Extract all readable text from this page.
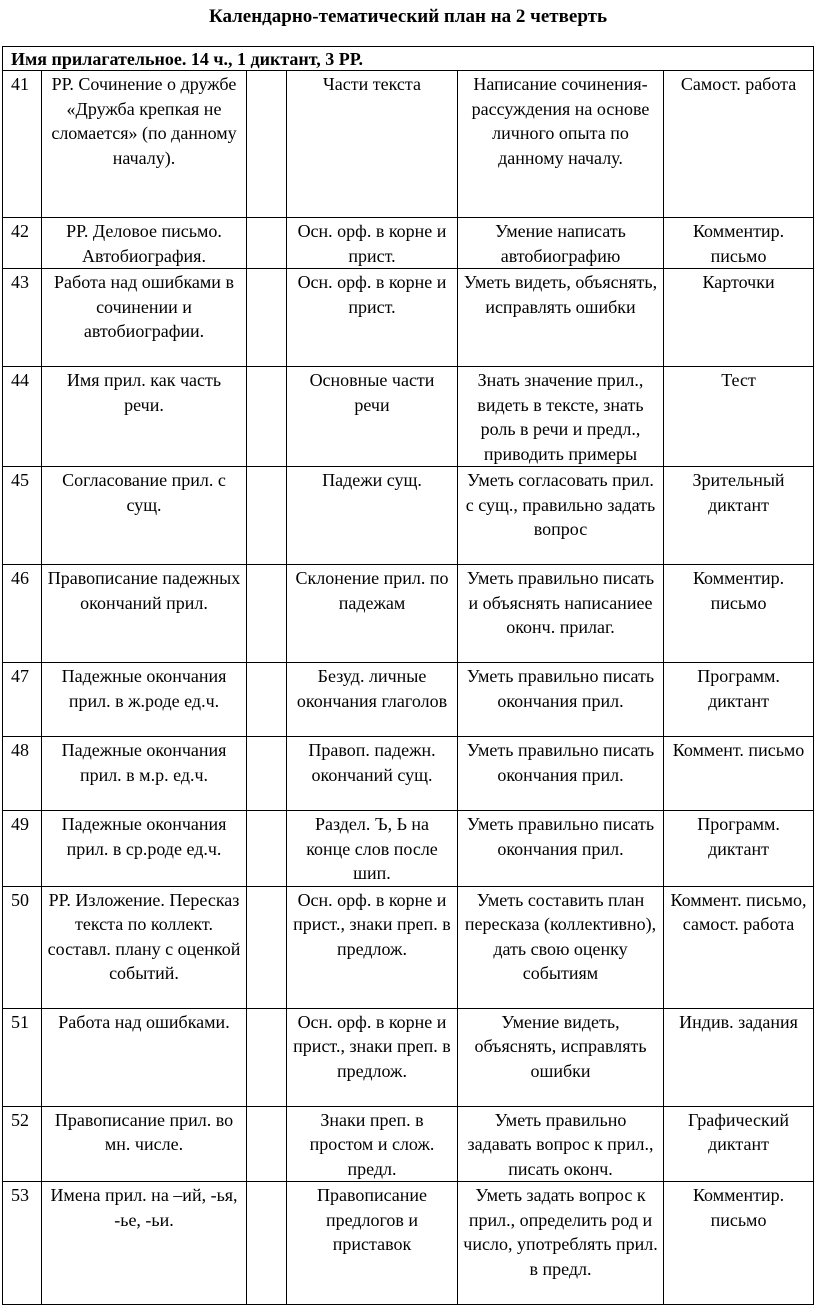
Календарно-тематический план на 2 четверть
Имя прилагательное. 14 ч., 1 диктант, 3 РР.					
41	РР. Сочинение о дружбе «Дружба крепкая не сломается» (по данному началу).		Части текста	Написание сочинения-рассуждения на основе личного опыта по данному началу.	Самост. работа
42	РР. Деловое письмо. Автобиография.		Осн. орф. в корне и прист.	Умение написать автобиографию	Комментир. письмо
43	Работа над ошибками в сочинении и автобиографии.		Осн. орф. в корне и прист.	Уметь видеть, объяснять, исправлять ошибки	Карточки
44	Имя прил. как часть речи.		Основные части речи	Знать значение прил., видеть в тексте, знать роль в речи и предл., приводить примеры	Тест
45	Согласование прил. с сущ.		Падежи сущ.	Уметь согласовать прил. с сущ., правильно задать вопрос	Зрительный диктант
46	Правописание падежных окончаний прил.		Склонение прил. по падежам	Уметь правильно писать и объяснять написаниее оконч. прилаг.	Комментир. письмо
47	Падежные окончания прил. в ж.роде ед.ч.		Безуд. личные окончания глаголов	Уметь правильно писать окончания прил.	Программ. диктант
48	Падежные окончания прил. в м.р. ед.ч.		Правоп. падежн. окончаний сущ.	Уметь правильно писать окончания прил.	Коммент. письмо
49	Падежные окончания прил. в ср.роде ед.ч.		Раздел. Ъ, Ь на конце слов после шип.	Уметь правильно писать окончания прил.	Программ. диктант
50	РР. Изложение. Пересказ текста по коллект. составл. плану с оценкой событий.		Осн. орф. в корне и прист., знаки преп. в предлож.	Уметь составить план пересказа (коллективно), дать свою оценку событиям	Коммент. письмо, самост. работа
51	Работа над ошибками.		Осн. орф. в корне и прист., знаки преп. в предлож.	Умение видеть, объяснять, исправлять ошибки	Индив. задания
52	Правописание прил. во мн. числе.		Знаки преп. в простом и слож. предл.	Уметь правильно задавать вопрос к прил., писать оконч.	Графический диктант
53	Имена прил. на –ий, -ья, -ье, -ьи.		Правописание предлогов и приставок	Уметь задать вопрос к прил., определить род и число, употреблять прил. в предл.	Комментир. письмо
